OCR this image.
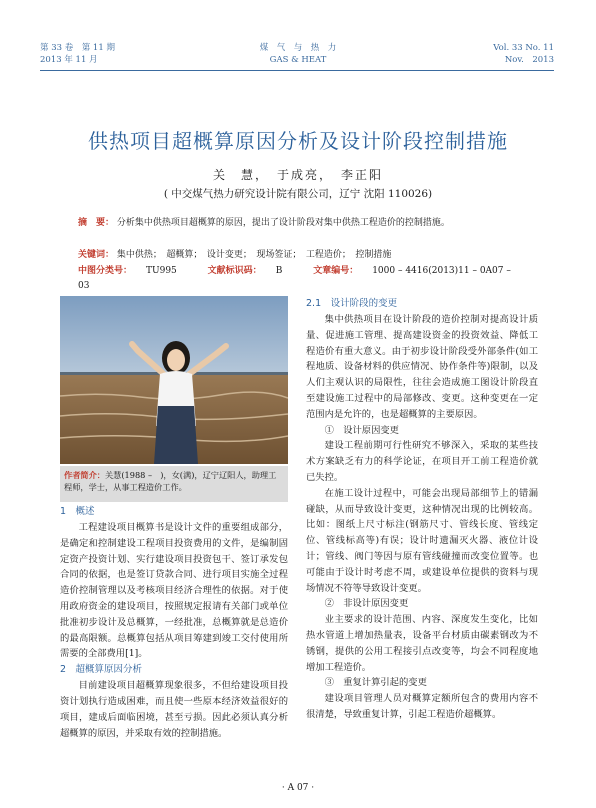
第 33 卷　第 11 期
2013 年 11 月
煤　气　与　热　力
GAS & HEAT
Vol. 33 No. 11
Nov.　2013
供热项目超概算原因分析及设计阶段控制措施
关　慧，　于成亮，　李正阳
( 中交煤气热力研究设计院有限公司，辽宁 沈阳 110026)
摘　要： 分析集中供热项目超概算的原因，提出了设计阶段对集中供热工程造价的控制措施。
关键词： 集中供热；　超概算；　设计变更；　现场签证；　工程造价；　控制措施
中图分类号： TU995	文献标识码： B	文章编号： 1000 – 4416(2013)11 – 0A07 – 03
作者简介：关慧(1988 –　)，女(满)，辽宁辽阳人，助理工程师，学士，从事工程造价工作。
1　概述

工程建设项目概算书是设计文件的重要组成部分，是确定和控制建设工程项目投资费用的文件，是编制固定资产投资计划、实行建设项目投资包干、签订承发包合同的依据，也是签订贷款合同、进行项目实施全过程造价控制管理以及考核项目经济合理性的依据。对于使用政府资金的建设项目，按照规定报请有关部门或单位批准初步设计及总概算，一经批准，总概算就是总造价的最高限额。总概算包括从项目筹建到竣工交付使用所需要的全部费用[1]。

2　超概算原因分析

目前建设项目超概算现象很多，不但给建设项目投资计划执行造成困难，而且使一些原本经济效益很好的项目，建成后面临困境，甚至亏损。因此必须认真分析超概算的原因，并采取有效的控制措施。

2.1　设计阶段的变更

集中供热项目在设计阶段的造价控制对提高设计质量、促进施工管理、提高建设资金的投资效益、降低工程造价有重大意义。由于初步设计阶段受外部条件(如工程地质、设备材料的供应情况、协作条件等)限制，以及人们主观认识的局限性，往往会造成施工图设计阶段直至建设施工过程中的局部修改、变更。这种变更在一定范围内是允许的，也是超概算的主要原因。

①　设计原因变更

建设工程前期可行性研究不够深入，采取的某些技术方案缺乏有力的科学论证，在项目开工前工程造价就已失控。

在施工设计过程中，可能会出现局部细节上的错漏碰缺，从而导致设计变更，这种情况出现的比例较高。比如：图纸上尺寸标注(钢筋尺寸、管线长度、管线定位、管线标高等)有误；设计时遗漏灭火器、液位计设计；管线、阀门等因与原有管线碰撞而改变位置等。也可能由于设计时考虑不周，或建设单位提供的资料与现场情况不符等导致设计变更。

②　非设计原因变更

业主要求的设计范围、内容、深度发生变化，比如热水管道上增加热量表，设备平台材质由碳素钢改为不锈钢，提供的公用工程接引点改变等，均会不同程度地增加工程造价。

③　重复计算引起的变更

建设项目管理人员对概算定额所包含的费用内容不很清楚，导致重复计算，引起工程造价超概算。

· A 07 ·
